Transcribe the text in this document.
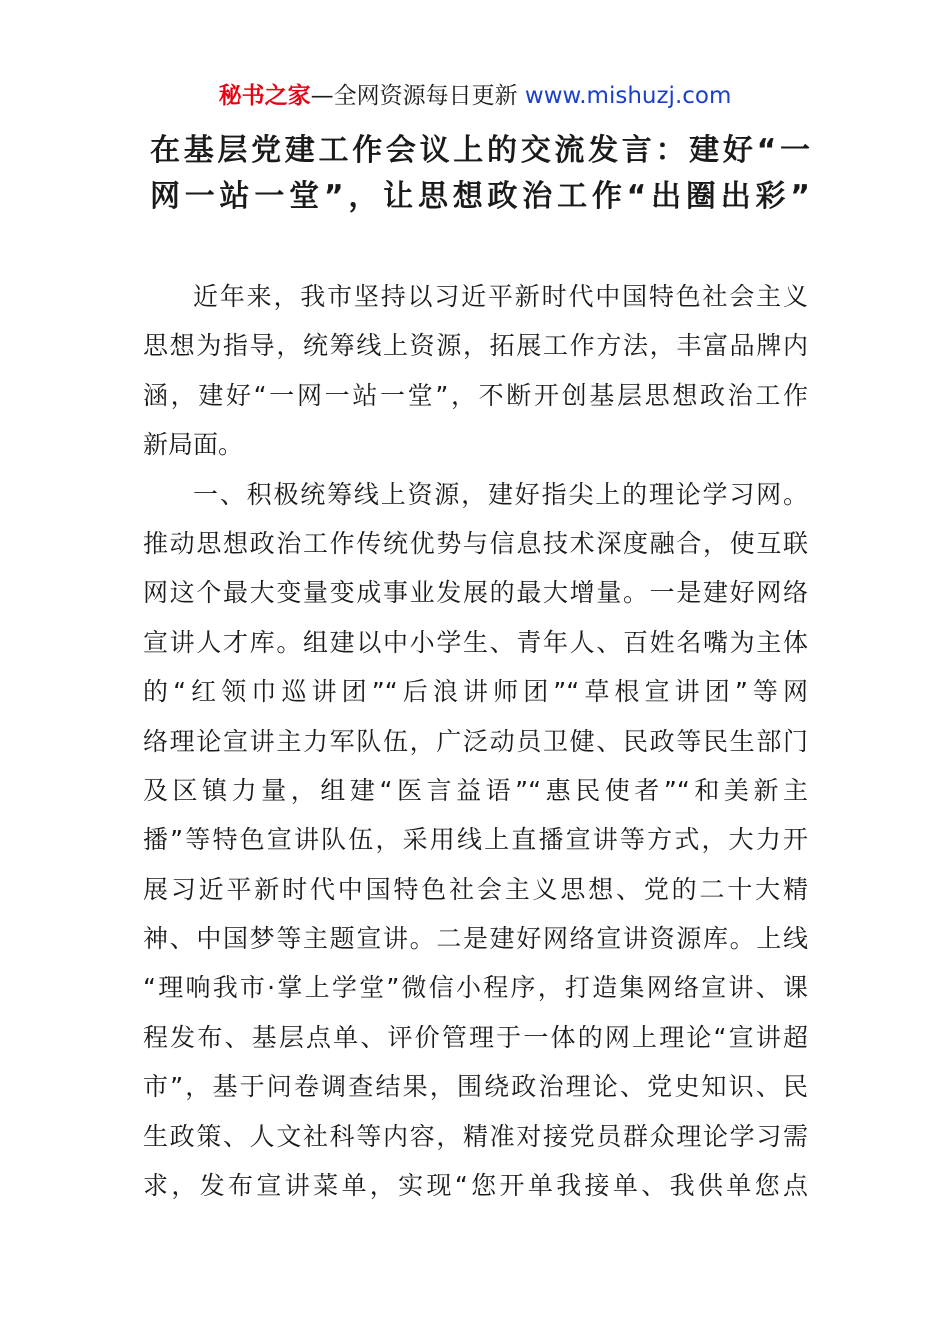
秘书之家—全网资源每日更新 www.mishuzj.com
在基层党建工作会议上的交流发言：建好“一
网一站一堂”，让思想政治工作“出圈出彩”
近年来，我市坚持以习近平新时代中国特色社会主义
思想为指导，统筹线上资源，拓展工作方法，丰富品牌内
涵，建好“一网一站一堂”，不断开创基层思想政治工作
新局面。
一、积极统筹线上资源，建好指尖上的理论学习网。
推动思想政治工作传统优势与信息技术深度融合，使互联
网这个最大变量变成事业发展的最大增量。一是建好网络
宣讲人才库。组建以中小学生、青年人、百姓名嘴为主体
的“红领巾巡讲团”“后浪讲师团”“草根宣讲团”等网
络理论宣讲主力军队伍，广泛动员卫健、民政等民生部门
及区镇力量，组建“医言益语”“惠民使者”“和美新主
播”等特色宣讲队伍，采用线上直播宣讲等方式，大力开
展习近平新时代中国特色社会主义思想、党的二十大精
神、中国梦等主题宣讲。二是建好网络宣讲资源库。上线
“理响我市·掌上学堂”微信小程序，打造集网络宣讲、课
程发布、基层点单、评价管理于一体的网上理论“宣讲超
市”，基于问卷调查结果，围绕政治理论、党史知识、民
生政策、人文社科等内容，精准对接党员群众理论学习需
求，发布宣讲菜单，实现“您开单我接单、我供单您点
